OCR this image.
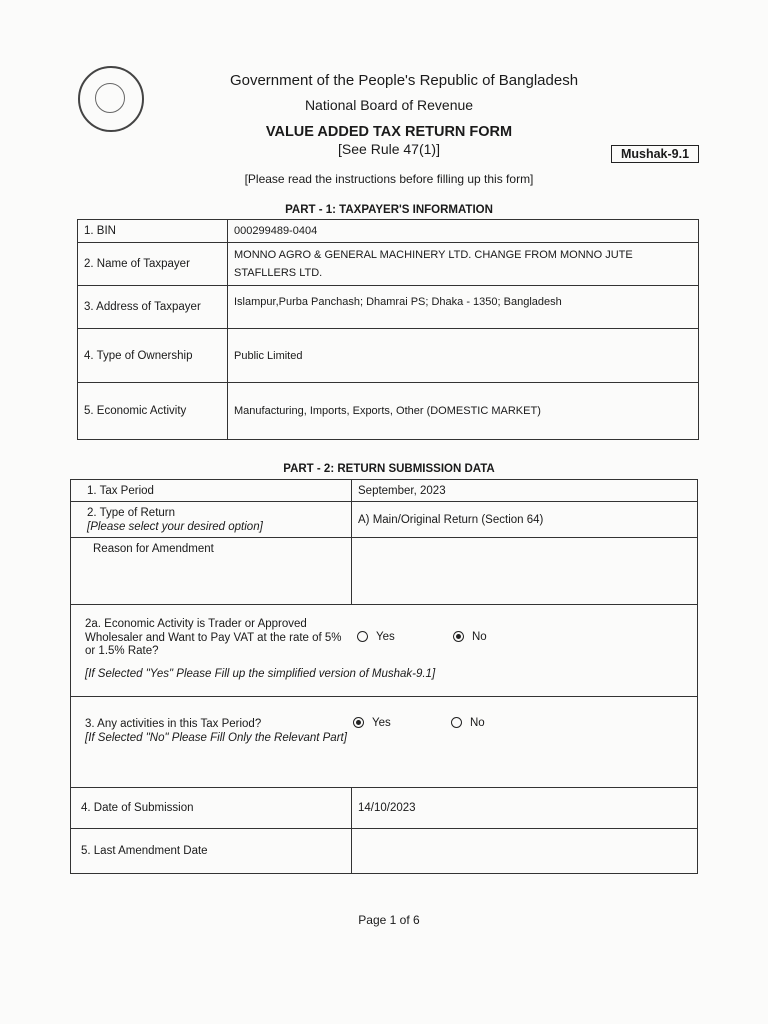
Government of the People's Republic of Bangladesh
National Board of Revenue
VALUE ADDED TAX RETURN FORM
[See Rule 47(1)]	Mushak-9.1
[Please read the instructions before filling up this form]
PART - 1: TAXPAYER'S INFORMATION
1. BIN	000299489-0404
2. Name of Taxpayer	MONNO AGRO & GENERAL MACHINERY LTD. CHANGE FROM MONNO JUTE STAFLLERS LTD.
3. Address of Taxpayer	Islampur,Purba Panchash; Dhamrai PS; Dhaka - 1350; Bangladesh
4. Type of Ownership	Public Limited
5. Economic Activity	Manufacturing, Imports, Exports, Other (DOMESTIC MARKET)
PART - 2: RETURN SUBMISSION DATA
1. Tax Period	September, 2023

2. Type of Return
[Please select your desired option]	A) Main/Original Return (Section 64)
Reason for Amendment	

2a. Economic Activity is Trader or Approved Wholesaler and Want to Pay VAT at the rate of 5% or 1.5% Rate?
Yes No
[If Selected "Yes" Please Fill up the simplified version of Mushak-9.1]	

3. Any activities in this Tax Period?
[If Selected "No" Please Fill Only the Relevant Part]
Yes No	

4. Date of Submission	14/10/2023
5. Last Amendment Date	
Page 1 of 6
